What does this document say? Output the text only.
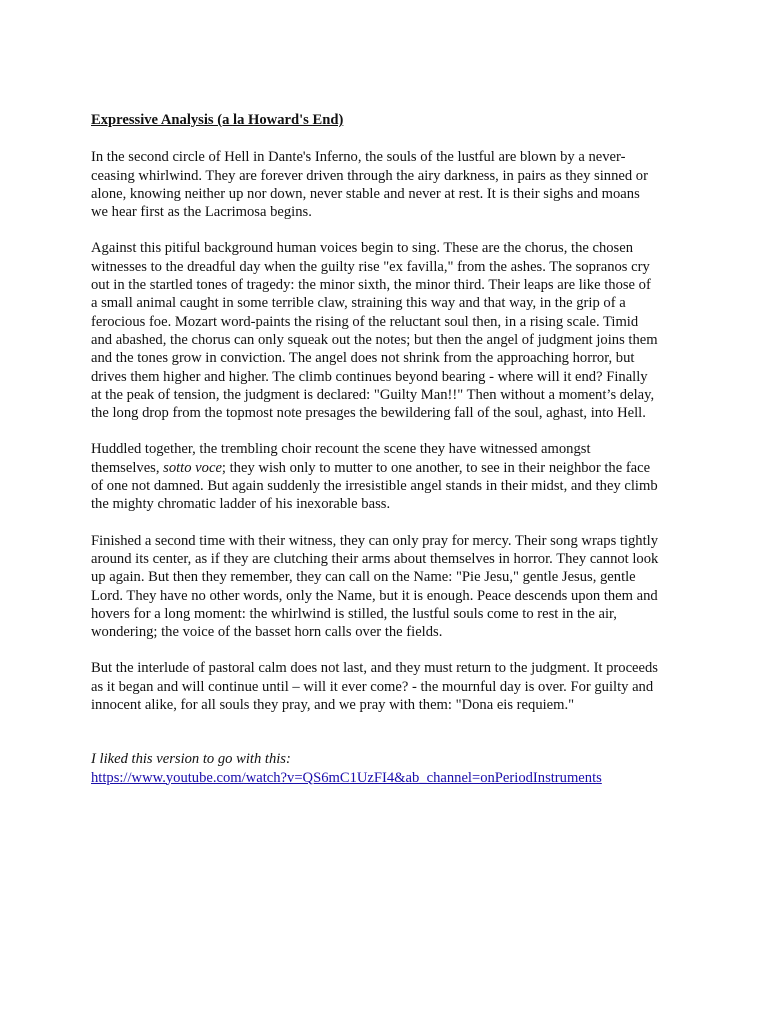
Expressive Analysis (a la Howard's End)
In the second circle of Hell in Dante's Inferno, the souls of the lustful are blown by a never-
ceasing whirlwind. They are forever driven through the airy darkness, in pairs as they sinned or
alone, knowing neither up nor down, never stable and never at rest. It is their sighs and moans
we hear first as the Lacrimosa begins.
Against this pitiful background human voices begin to sing. These are the chorus, the chosen
witnesses to the dreadful day when the guilty rise "ex favilla," from the ashes. The sopranos cry
out in the startled tones of tragedy: the minor sixth, the minor third. Their leaps are like those of
a small animal caught in some terrible claw, straining this way and that way, in the grip of a
ferocious foe. Mozart word-paints the rising of the reluctant soul then, in a rising scale. Timid
and abashed, the chorus can only squeak out the notes; but then the angel of judgment joins them
and the tones grow in conviction. The angel does not shrink from the approaching horror, but
drives them higher and higher. The climb continues beyond bearing - where will it end? Finally
at the peak of tension, the judgment is declared: "Guilty Man!!" Then without a moment’s delay,
the long drop from the topmost note presages the bewildering fall of the soul, aghast, into Hell.
Huddled together, the trembling choir recount the scene they have witnessed amongst
themselves, sotto voce; they wish only to mutter to one another, to see in their neighbor the face
of one not damned. But again suddenly the irresistible angel stands in their midst, and they climb
the mighty chromatic ladder of his inexorable bass.
Finished a second time with their witness, they can only pray for mercy. Their song wraps tightly
around its center, as if they are clutching their arms about themselves in horror. They cannot look
up again. But then they remember, they can call on the Name: "Pie Jesu," gentle Jesus, gentle
Lord. They have no other words, only the Name, but it is enough. Peace descends upon them and
hovers for a long moment: the whirlwind is stilled, the lustful souls come to rest in the air,
wondering; the voice of the basset horn calls over the fields.
But the interlude of pastoral calm does not last, and they must return to the judgment. It proceeds
as it began and will continue until – will it ever come? - the mournful day is over. For guilty and
innocent alike, for all souls they pray, and we pray with them: "Dona eis requiem."
I liked this version to go with this:
https://www.youtube.com/watch?v=QS6mC1UzFI4&ab_channel=onPeriodInstruments
